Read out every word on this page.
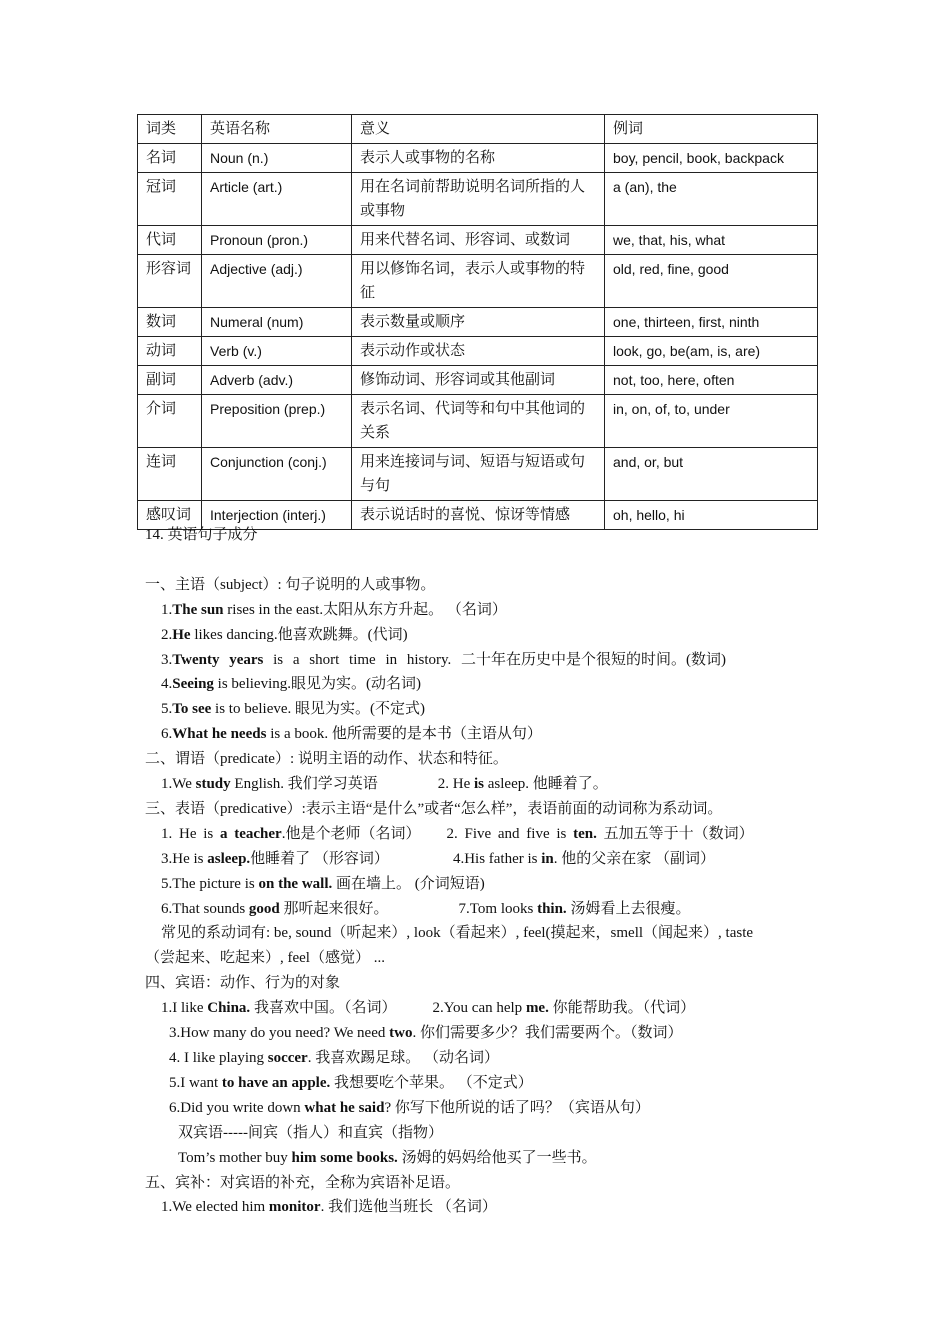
词类	英语名称	意义	例词
名词	Noun (n.)	表示人或事物的名称	boy, pencil, book, backpack
冠词	Article (art.)	用在名词前帮助说明名词所指的人或事物	a (an), the
代词	Pronoun (pron.)	用来代替名词、形容词、或数词	we, that, his, what
形容词	Adjective (adj.)	用以修饰名词，表示人或事物的特征	old, red, fine, good
数词	Numeral (num)	表示数量或顺序	one, thirteen, first, ninth
动词	Verb (v.)	表示动作或状态	look, go, be(am, is, are)
副词	Adverb (adv.)	修饰动词、形容词或其他副词	not, too, here, often
介词	Preposition (prep.)	表示名词、代词等和句中其他词的关系	in, on, of, to, under
连词	Conjunction (conj.)	用来连接词与词、短语与短语或句与句	and, or, but
感叹词	Interjection (interj.)	表示说话时的喜悦、惊讶等情感	oh, hello, hi
14. 英语句子成分
一、主语（subject）: 句子说明的人或事物。
1.The sun rises in the east.太阳从东方升起。 （名词）
2.He likes dancing.他喜欢跳舞。(代词)
3.Twenty years is a short time in history. 二十年在历史中是个很短的时间。(数词)
4.Seeing is believing.眼见为实。(动名词)
5.To see is to believe. 眼见为实。(不定式)
6.What he needs is a book. 他所需要的是本书（主语从句）
二、谓语（predicate）: 说明主语的动作、状态和特征。
1.We study English. 我们学习英语	2. He is asleep. 他睡着了。
三、表语（predicative）:表示主语“是什么”或者“怎么样”，表语前面的动词称为系动词。
1. He is a teacher.他是个老师（名词） 2. Five and five is ten. 五加五等于十（数词）
3.He is asleep.他睡着了 （形容词）	4.His father is in. 他的父亲在家 （副词）
5.The picture is on the wall. 画在墙上。 (介词短语)
6.That sounds good 那听起来很好。	7.Tom looks thin. 汤姆看上去很瘦。
常见的系动词有: be, sound（听起来）, look（看起来）, feel(摸起来，smell（闻起来）, taste
（尝起来、吃起来）, feel（感觉） ...
四、宾语：动作、行为的对象
1.I like China. 我喜欢中国。（名词） 2.You can help me. 你能帮助我。（代词）
3.How many do you need? We need two. 你们需要多少？我们需要两个。（数词）
4. I like playing soccer. 我喜欢踢足球。 （动名词）
5.I want to have an apple. 我想要吃个苹果。 （不定式）
6.Did you write down what he said? 你写下他所说的话了吗？（宾语从句）
双宾语-----间宾（指人）和直宾（指物）
Tom’s mother buy him some books. 汤姆的妈妈给他买了一些书。
五、宾补：对宾语的补充，全称为宾语补足语。
1.We elected him monitor. 我们选他当班长 （名词）
